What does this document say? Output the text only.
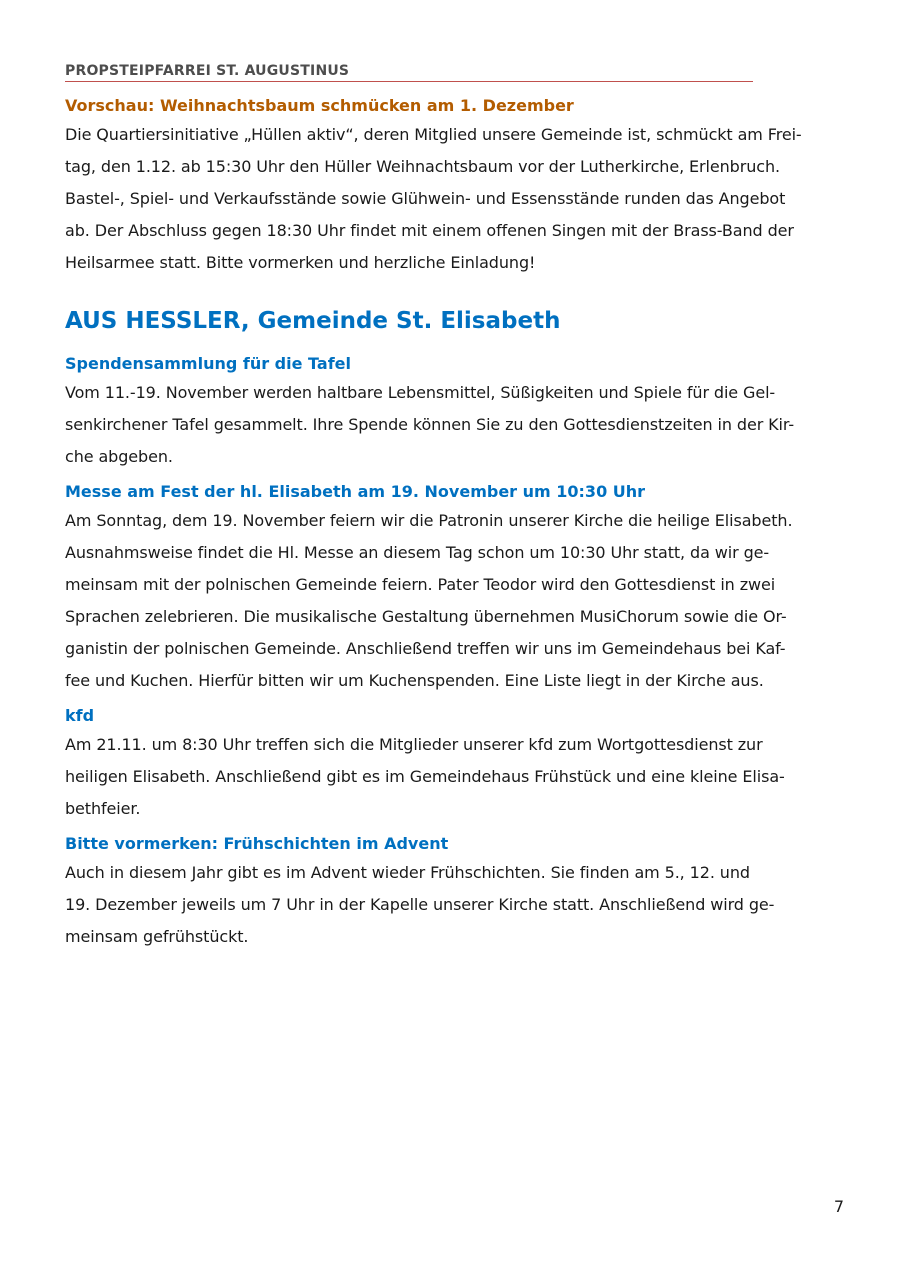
PROPSTEIPFARREI ST. AUGUSTINUS
Vorschau: Weihnachtsbaum schmücken am 1. Dezember

Die Quartiersinitiative „Hüllen aktiv“, deren Mitglied unsere Gemeinde ist, schmückt am Frei-
tag, den 1.12. ab 15:30 Uhr den Hüller Weihnachtsbaum vor der Lutherkirche, Erlenbruch.
Bastel-, Spiel- und Verkaufsstände sowie Glühwein- und Essensstände runden das Angebot
ab. Der Abschluss gegen 18:30 Uhr findet mit einem offenen Singen mit der Brass-Band der
Heilsarmee statt. Bitte vormerken und herzliche Einladung!

AUS HESSLER, Gemeinde St. Elisabeth
Spendensammlung für die Tafel

Vom 11.-19. November werden haltbare Lebensmittel, Süßigkeiten und Spiele für die Gel-
senkirchener Tafel gesammelt. Ihre Spende können Sie zu den Gottesdienstzeiten in der Kir-
che abgeben.

Messe am Fest der hl. Elisabeth am 19. November um 10:30 Uhr

Am Sonntag, dem 19. November feiern wir die Patronin unserer Kirche die heilige Elisabeth.
Ausnahmsweise findet die Hl. Messe an diesem Tag schon um 10:30 Uhr statt, da wir ge-
meinsam mit der polnischen Gemeinde feiern. Pater Teodor wird den Gottesdienst in zwei
Sprachen zelebrieren. Die musikalische Gestaltung übernehmen MusiChorum sowie die Or-
ganistin der polnischen Gemeinde. Anschließend treffen wir uns im Gemeindehaus bei Kaf-
fee und Kuchen. Hierfür bitten wir um Kuchenspenden. Eine Liste liegt in der Kirche aus.

kfd

Am 21.11. um 8:30 Uhr treffen sich die Mitglieder unserer kfd zum Wortgottesdienst zur
heiligen Elisabeth. Anschließend gibt es im Gemeindehaus Frühstück und eine kleine Elisa-
bethfeier.

Bitte vormerken: Frühschichten im Advent

Auch in diesem Jahr gibt es im Advent wieder Frühschichten. Sie finden am 5., 12. und
19. Dezember jeweils um 7 Uhr in der Kapelle unserer Kirche statt. Anschließend wird ge-
meinsam gefrühstückt.

7
